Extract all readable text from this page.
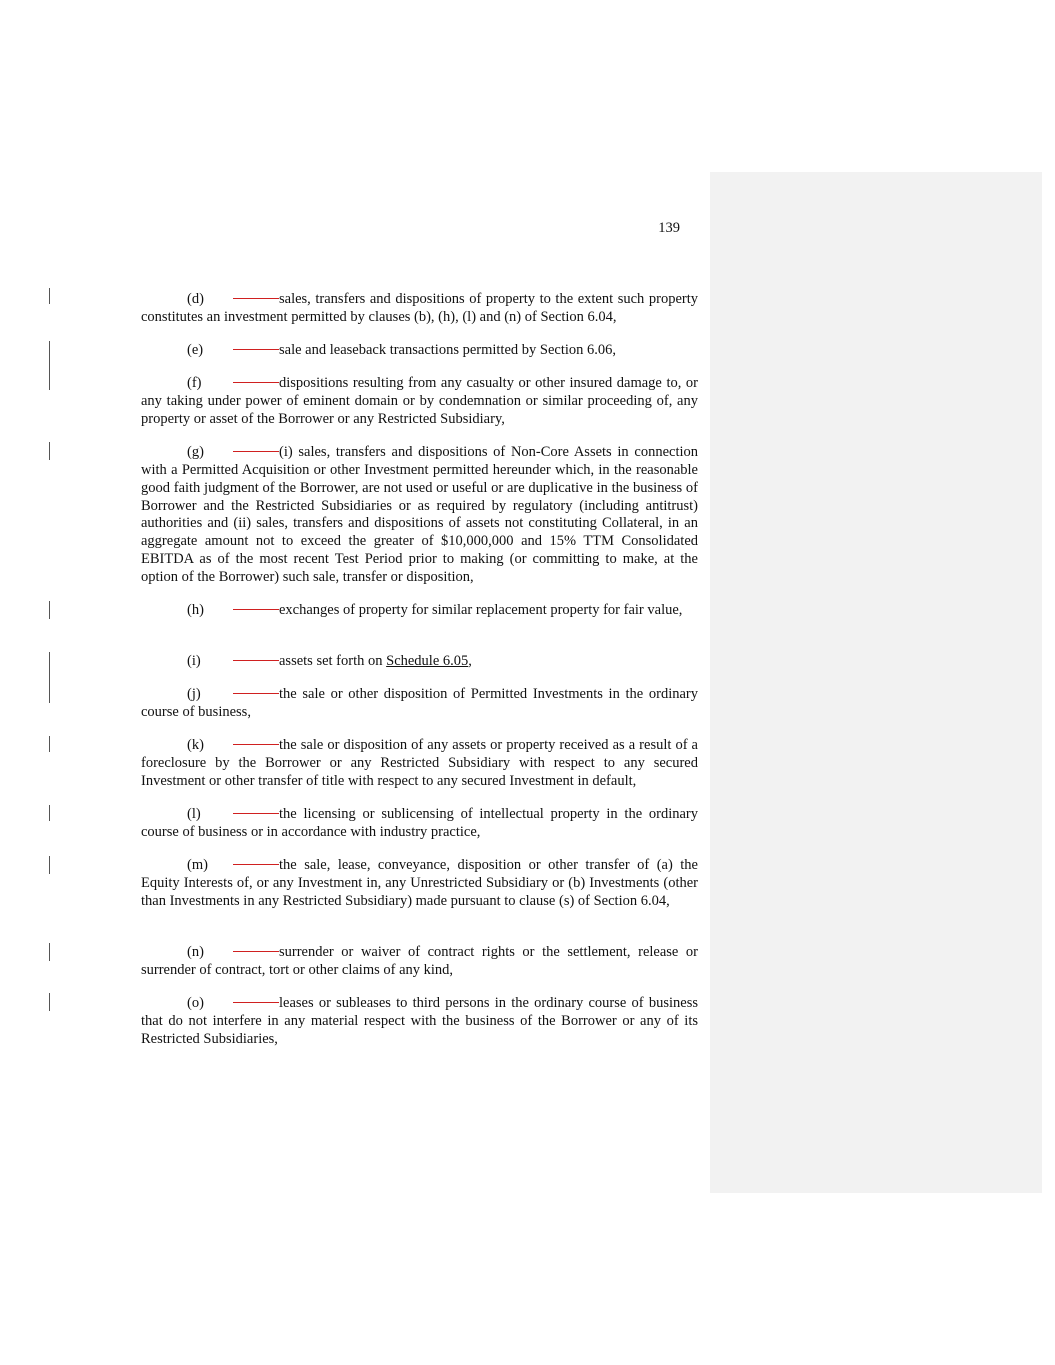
139

(d)	sales, transfers and dispositions of property to the extent such property constitutes an investment permitted by clauses (b), (h), (l) and (n) of Section 6.04,

(e)	sale and leaseback transactions permitted by Section 6.06,

(f)	dispositions resulting from any casualty or other insured damage to, or any taking under power of eminent domain or by condemnation or similar proceeding of, any property or asset of the Borrower or any Restricted Subsidiary,

(g)	(i) sales, transfers and dispositions of Non-Core Assets in connection with a Permitted Acquisition or other Investment permitted hereunder which, in the reasonable good faith judgment of the Borrower, are not used or useful or are duplicative in the business of Borrower and the Restricted Subsidiaries or as required by regulatory (including antitrust) authorities and (ii) sales, transfers and dispositions of assets not constituting Collateral, in an aggregate amount not to exceed the greater of $10,000,000 and 15% TTM Consolidated EBITDA as of the most recent Test Period prior to making (or committing to make, at the option of the Borrower) such sale, transfer or disposition,

(h)	exchanges of property for similar replacement property for fair value,

(i)	assets set forth on Schedule 6.05,

(j)	the sale or other disposition of Permitted Investments in the ordinary course of business,

(k)	the sale or disposition of any assets or property received as a result of a foreclosure by the Borrower or any Restricted Subsidiary with respect to any secured Investment or other transfer of title with respect to any secured Investment in default,

(l)	the licensing or sublicensing of intellectual property in the ordinary course of business or in accordance with industry practice,

(m)	the sale, lease, conveyance, disposition or other transfer of (a) the Equity Interests of, or any Investment in, any Unrestricted Subsidiary or (b) Investments (other than Investments in any Restricted Subsidiary) made pursuant to clause (s) of Section 6.04,

(n)	surrender or waiver of contract rights or the settlement, release or surrender of contract, tort or other claims of any kind,

(o)	leases or subleases to third persons in the ordinary course of business that do not interfere in any material respect with the business of the Borrower or any of its Restricted Subsidiaries,
